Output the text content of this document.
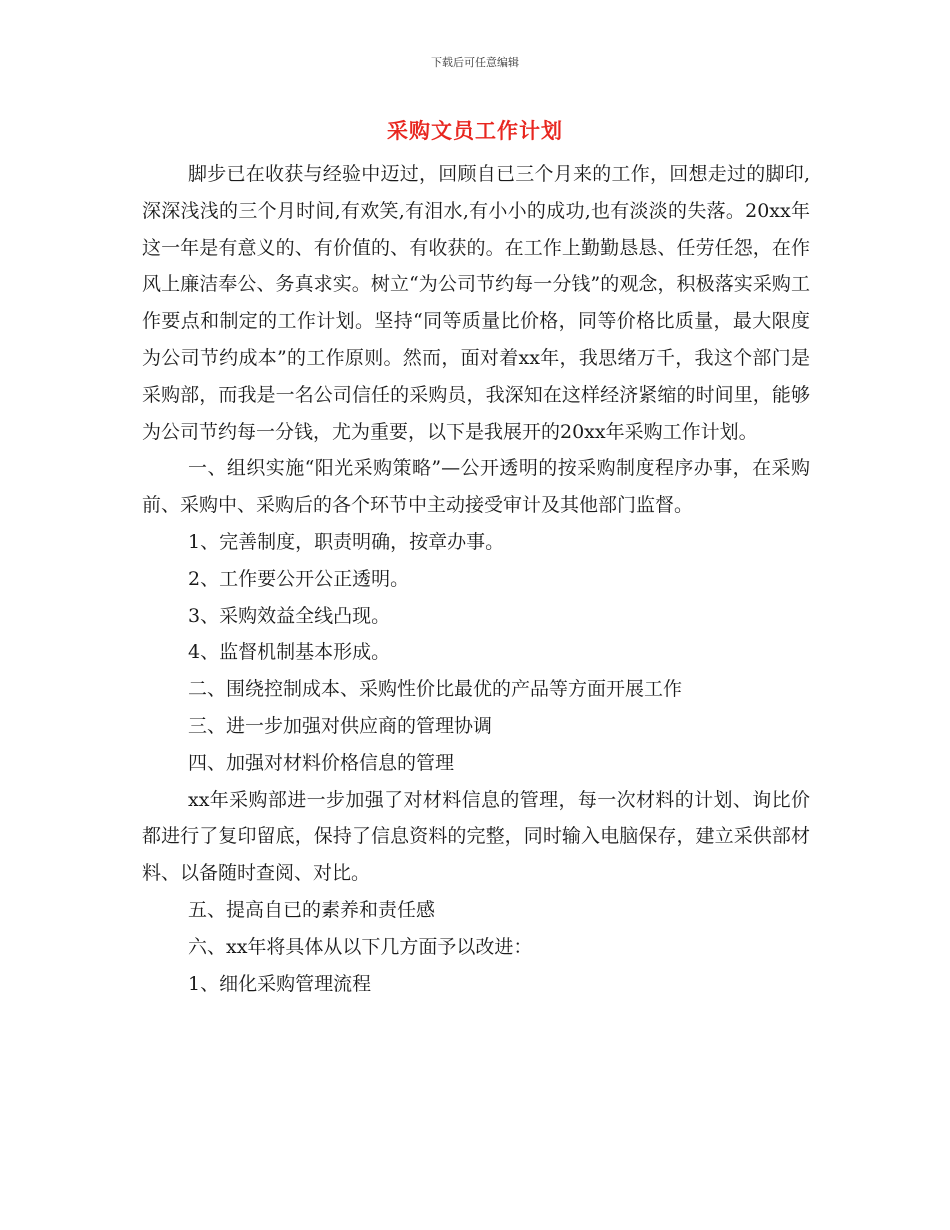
下载后可任意编辑
采购文员工作计划

脚步已在收获与经验中迈过，回顾自已三个月来的工作，回想走过的脚印,深深浅浅的三个月时间,有欢笑,有泪水,有小小的成功,也有淡淡的失落。20xx年这一年是有意义的、有价值的、有收获的。在工作上勤勤恳恳、任劳任怨，在作风上廉洁奉公、务真求实。树立“为公司节约每一分钱”的观念，积极落实采购工作要点和制定的工作计划。坚持“同等质量比价格，同等价格比质量，最大限度为公司节约成本”的工作原则。然而，面对着xx年，我思绪万千，我这个部门是采购部，而我是一名公司信任的采购员，我深知在这样经济紧缩的时间里，能够为公司节约每一分钱，尤为重要，以下是我展开的20xx年采购工作计划。

一、组织实施“阳光采购策略”—公开透明的按采购制度程序办事，在采购前、采购中、采购后的各个环节中主动接受审计及其他部门监督。

1、完善制度，职责明确，按章办事。

2、工作要公开公正透明。

3、采购效益全线凸现。

4、监督机制基本形成。

二、围绕控制成本、采购性价比最优的产品等方面开展工作

三、进一步加强对供应商的管理协调

四、加强对材料价格信息的管理

xx年采购部进一步加强了对材料信息的管理，每一次材料的计划、询比价都进行了复印留底，保持了信息资料的完整，同时输入电脑保存，建立采供部材料、以备随时查阅、对比。

五、提高自已的素养和责任感

六、xx年将具体从以下几方面予以改进：

1、细化采购管理流程
